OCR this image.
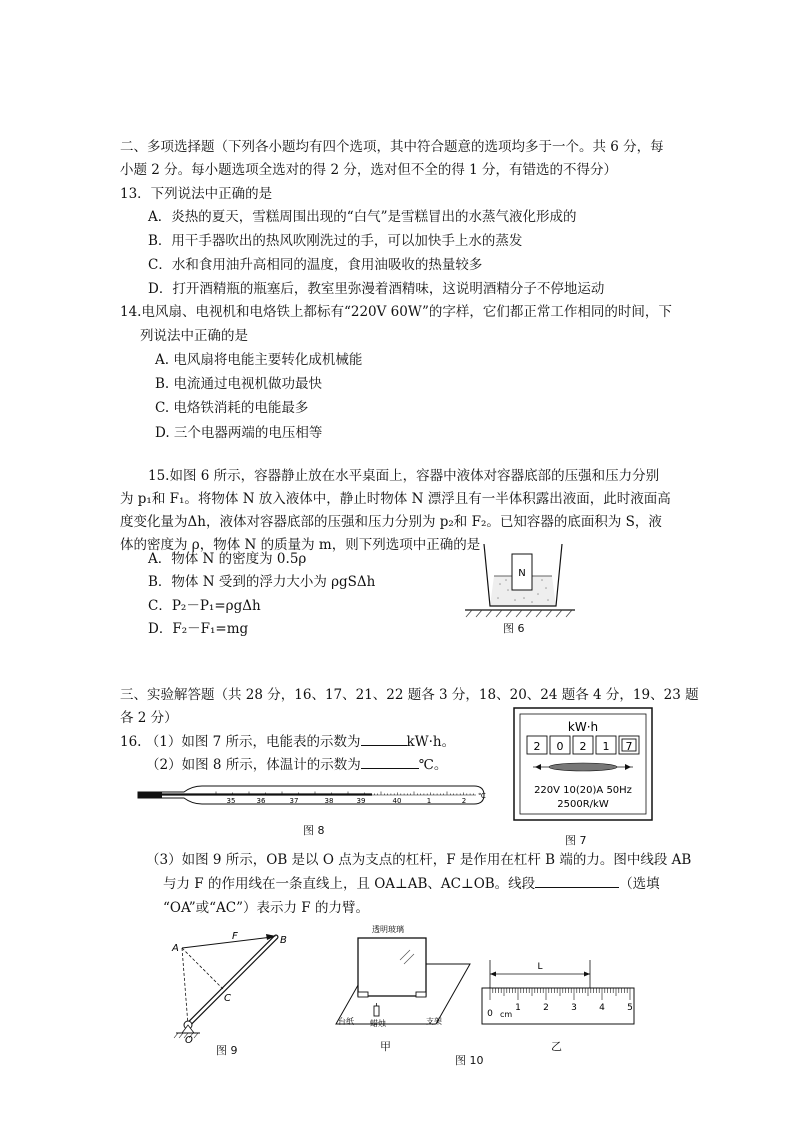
二、多项选择题（下列各小题均有四个选项，其中符合题意的选项均多于一个。共 6 分，每
小题 2 分。每小题选项全选对的得 2 分，选对但不全的得 1 分，有错选的不得分）
13．下列说法中正确的是
A．炎热的夏天，雪糕周围出现的“白气”是雪糕冒出的水蒸气液化形成的
B．用干手器吹出的热风吹刚洗过的手，可以加快手上水的蒸发
C．水和食用油升高相同的温度，食用油吸收的热量较多
D．打开酒精瓶的瓶塞后，教室里弥漫着酒精味，这说明酒精分子不停地运动
14.电风扇、电视机和电烙铁上都标有“220V 60W”的字样，它们都正常工作相同的时间，下
列说法中正确的是
A. 电风扇将电能主要转化成机械能
B. 电流通过电视机做功最快
C. 电烙铁消耗的电能最多
D. 三个电器两端的电压相等
15.如图 6 所示，容器静止放在水平桌面上，容器中液体对容器底部的压强和压力分别
为 p₁和 F₁。将物体 N 放入液体中，静止时物体 N 漂浮且有一半体积露出液面，此时液面高
度变化量为Δh，液体对容器底部的压强和压力分别为 p₂和 F₂。已知容器的底面积为 S，液
体的密度为 ρ，物体 N 的质量为 m，则下列选项中正确的是
A．物体 N 的密度为 0.5ρ
B．物体 N 受到的浮力大小为 ρgSΔh
C．P₂－P₁=ρgΔh
D．F₂－F₁=mg
N
图 6
三、实验解答题（共 28 分，16、17、21、22 题各 3 分，18、20、24 题各 4 分，19、23 题
各 2 分）
16. （1）如图 7 所示，电能表的示数为	kW·h。
（2）如图 8 所示，体温计的示数为	℃。
kW·h
2 0 2 1 7
220V 10(20)A 50Hz
2500R/kW
图 7
35	36	37	38	39	40	1	2
℃
图 8
（3）如图 9 所示，OB 是以 O 点为支点的杠杆，F 是作用在杠杆 B 端的力。图中线段 AB
与力 F 的作用线在一条直线上，且 OA⊥AB、AC⊥OB。线段	（选填
“OA”或“AC”）表示力 F 的力臂。
A
B
C
F
O
图 9
透明玻璃
支架
台纸 蜡烛
甲
L
0
1 2 3 4 5
cm
乙
图 10
